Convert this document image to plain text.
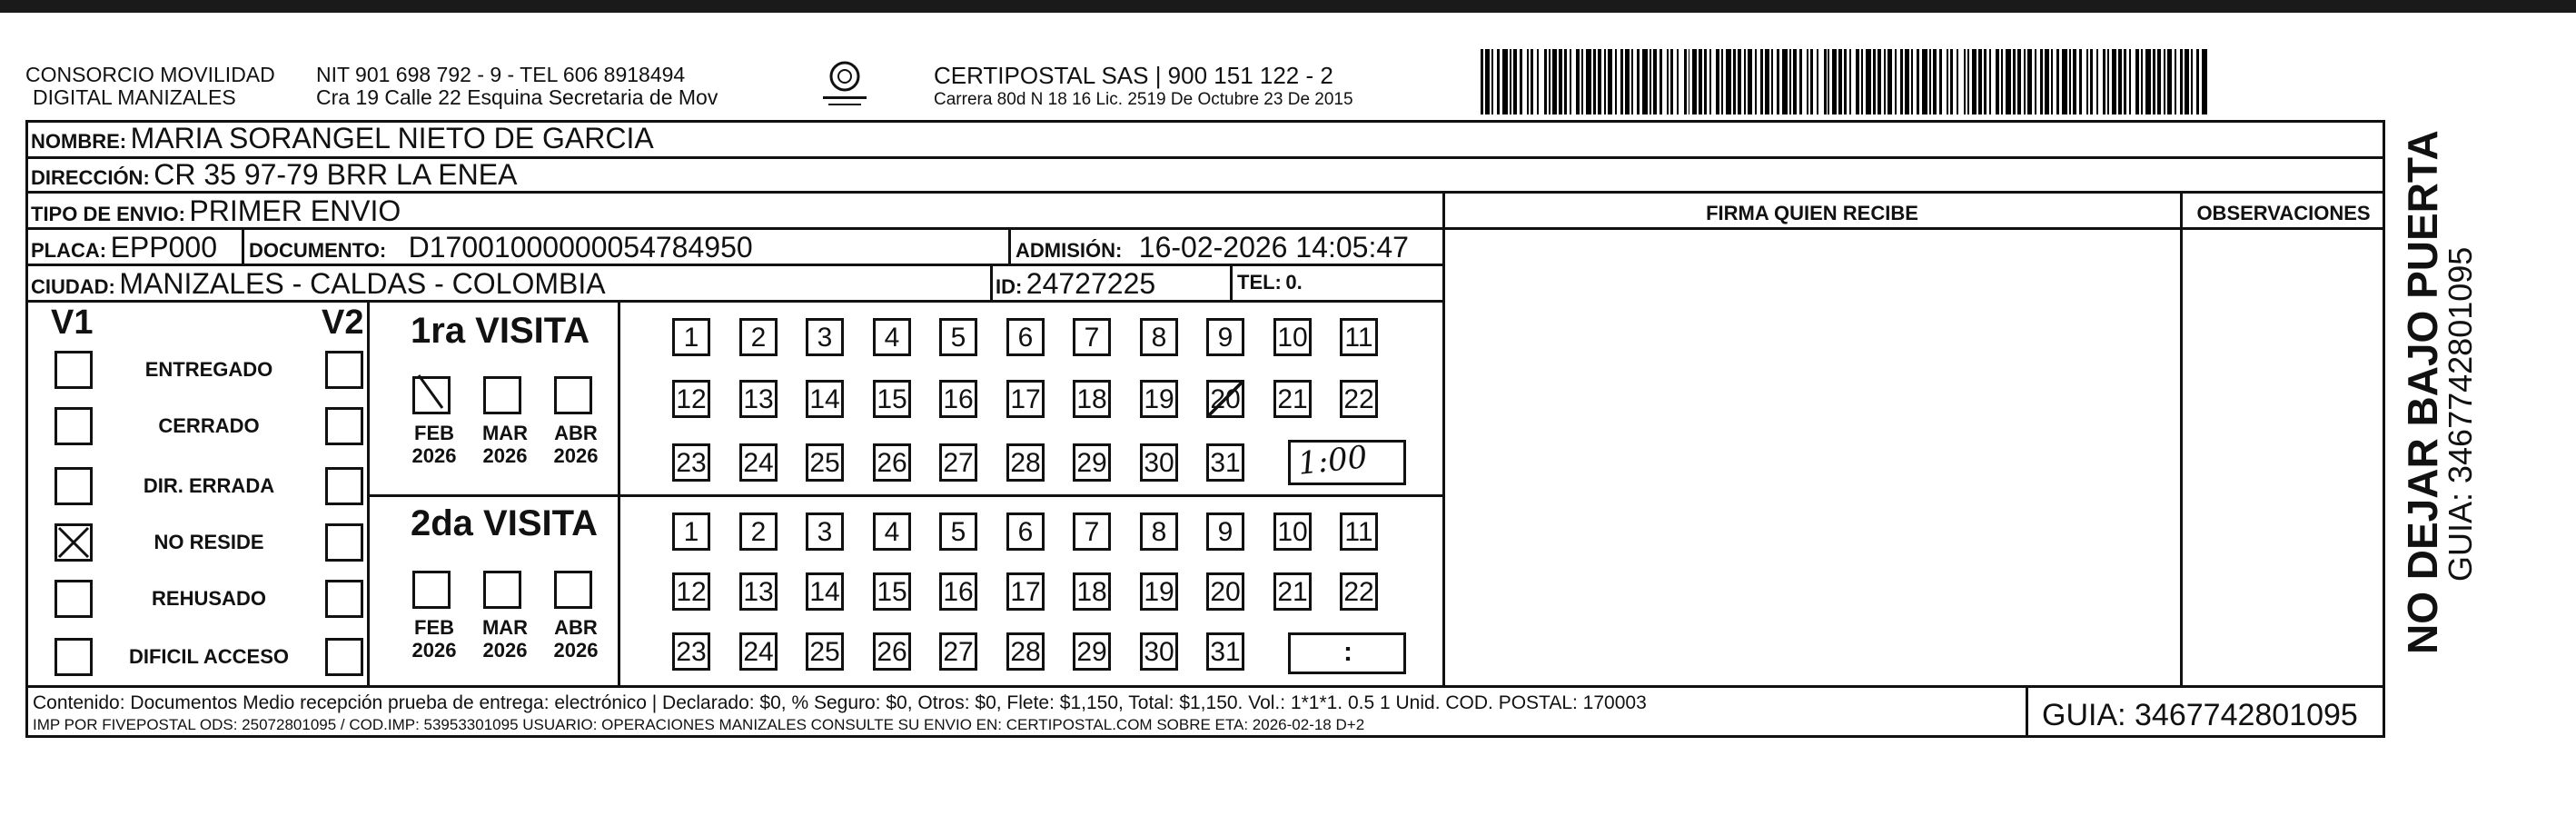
CONSORCIO MOVILIDAD
DIGITAL MANIZALES
NIT 901 698 792 - 9 - TEL 606 8918494
Cra 19 Calle 22 Esquina Secretaria de Mov
CERTIPOSTAL SAS | 900 151 122 - 2
Carrera 80d N 18 16 Lic. 2519 De Octubre 23 De 2015
NOMBRE: MARIA SORANGEL NIETO DE GARCIA
DIRECCIÓN: CR 35 97-79 BRR LA ENEA
TIPO DE ENVIO: PRIMER ENVIO	FIRMA QUIEN RECIBE	OBSERVACIONES
PLACA: EPP000 DOCUMENTO: D17001000000054784950	ADMISIÓN: 16-02-2026 14:05:47
CIUDAD: MANIZALES - CALDAS - COLOMBIA	ID: 24727225	TEL: 0.
V1	V2
ENTREGADO
CERRADO
DIR. ERRADA
NO RESIDE
REHUSADO
DIFICIL ACCESO
1ra VISITA
2da VISITA
FEB
2026
MAR
2026
ABR
2026
FEB
2026
MAR
2026
ABR
2026
1	2	3	4	5	6	7	8	9	10 11
12 13 14 15 16 17 18 19 20 21 22
23 24 25 26 27 28 29 30 31
1	2	3	4	5	6	7	8	9	10 11
12 13 14 15 16 17 18 19 20 21 22
23 24 25 26 27 28 29 30 31
1:00
:
Contenido: Documentos Medio recepción prueba de entrega: electrónico | Declarado: $0, % Seguro: $0, Otros: $0, Flete: $1,150, Total: $1,150. Vol.: 1*1*1. 0.5 1 Unid. COD. POSTAL: 170003
IMP POR FIVEPOSTAL ODS: 25072801095 / COD.IMP: 53953301095 USUARIO: OPERACIONES MANIZALES CONSULTE SU ENVIO EN: CERTIPOSTAL.COM SOBRE ETA: 2026-02-18 D+2	GUIA: 3467742801095
NO DEJAR BAJO PUERTA
GUIA: 3467742801095
